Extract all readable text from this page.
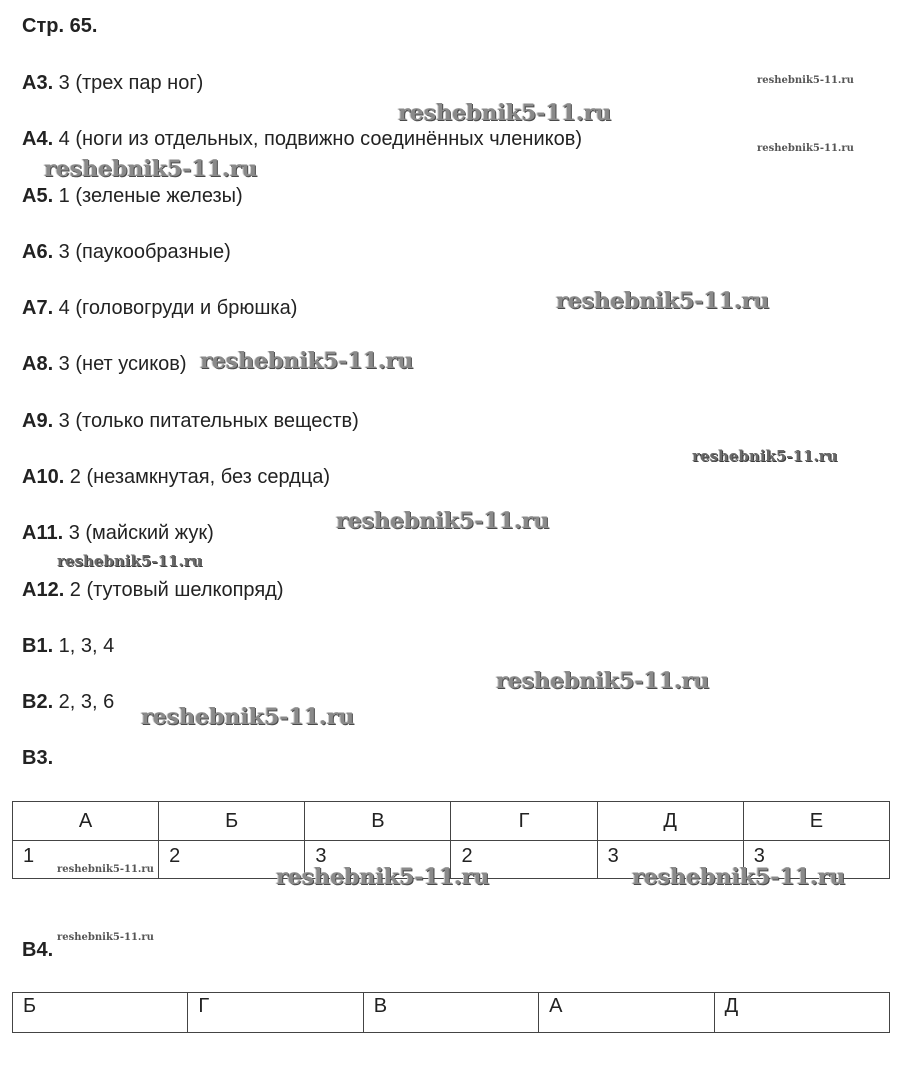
Стр. 65.
А3. 3 (трех пар ног)
А4. 4 (ноги из отдельных, подвижно соединённых члеников)
А5. 1 (зеленые железы)
А6. 3 (паукообразные)
А7. 4 (головогруди и брюшка)
А8. 3 (нет усиков)
А9. 3 (только питательных веществ)
А10. 2 (незамкнутая, без сердца)
А11. 3 (майский жук)
А12. 2 (тутовый шелкопряд)
В1. 1, 3, 4
В2. 2, 3, 6
В3.
А	Б	В	Г	Д	Е
1	2	3	2	3	3
В4.
Б	Г	В	А	Д
reshebnik5-11.ru
reshebnik5-11.ru
reshebnik5-11.ru
reshebnik5-11.ru
reshebnik5-11.ru
reshebnik5-11.ru
reshebnik5-11.ru
reshebnik5-11.ru
reshebnik5-11.ru
reshebnik5-11.ru
reshebnik5-11.ru
reshebnik5-11.ru	reshebnik5-11.ru	reshebnik5-11.ru
reshebnik5-11.ru
